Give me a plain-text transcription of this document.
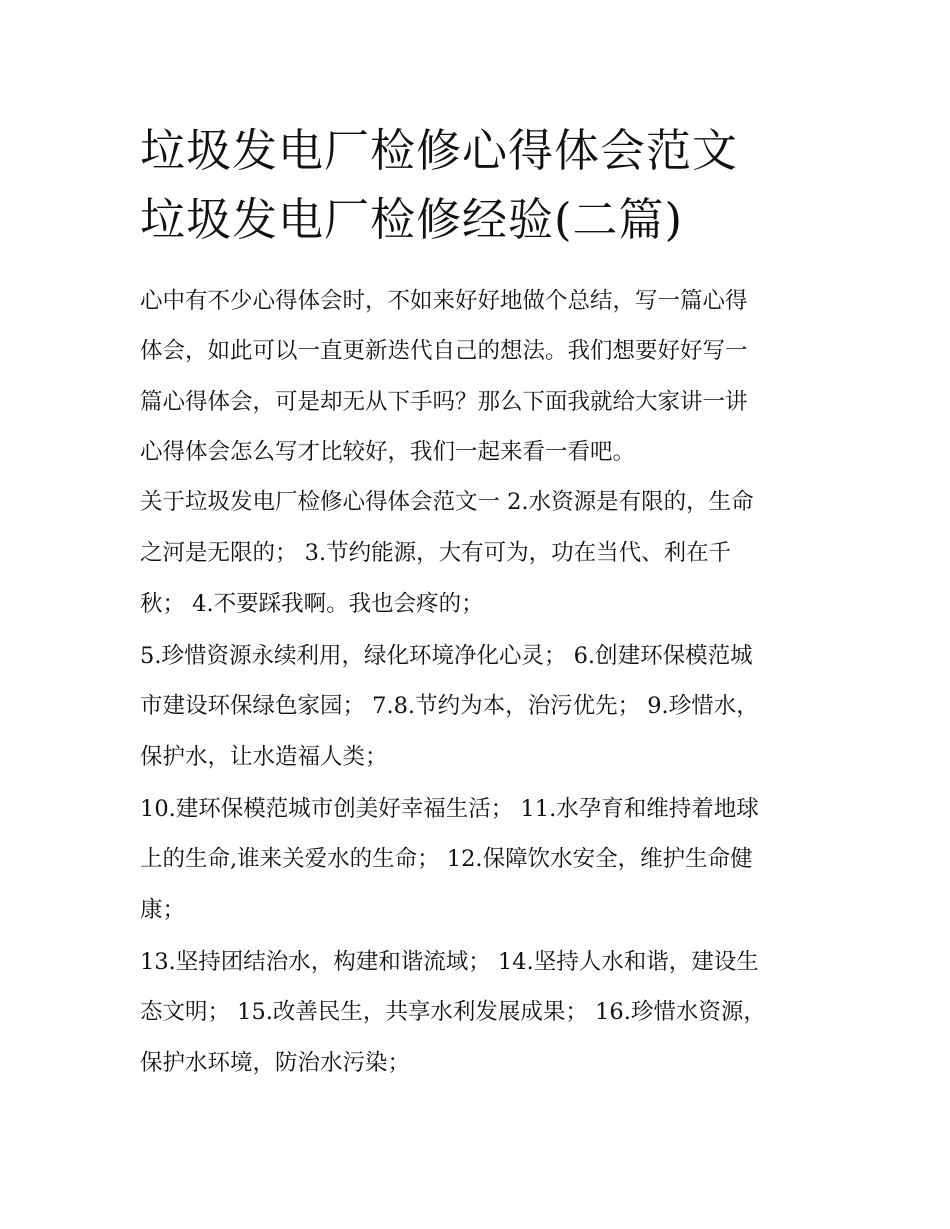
垃圾发电厂检修心得体会范文
垃圾发电厂检修经验(二篇)
心中有不少心得体会时，不如来好好地做个总结，写一篇心得
体会，如此可以一直更新迭代自己的想法。我们想要好好写一
篇心得体会，可是却无从下手吗？那么下面我就给大家讲一讲
心得体会怎么写才比较好，我们一起来看一看吧。
关于垃圾发电厂检修心得体会范文一 2.水资源是有限的，生命
之河是无限的； 3.节约能源，大有可为，功在当代、利在千
秋； 4.不要踩我啊。我也会疼的；
5.珍惜资源永续利用，绿化环境净化心灵； 6.创建环保模范城
市建设环保绿色家园； 7.8.节约为本，治污优先； 9.珍惜水，
保护水，让水造福人类；
10.建环保模范城市创美好幸福生活； 11.水孕育和维持着地球
上的生命,谁来关爱水的生命； 12.保障饮水安全，维护生命健
康；
13.坚持团结治水，构建和谐流域； 14.坚持人水和谐，建设生
态文明； 15.改善民生，共享水利发展成果； 16.珍惜水资源，
保护水环境，防治水污染；
